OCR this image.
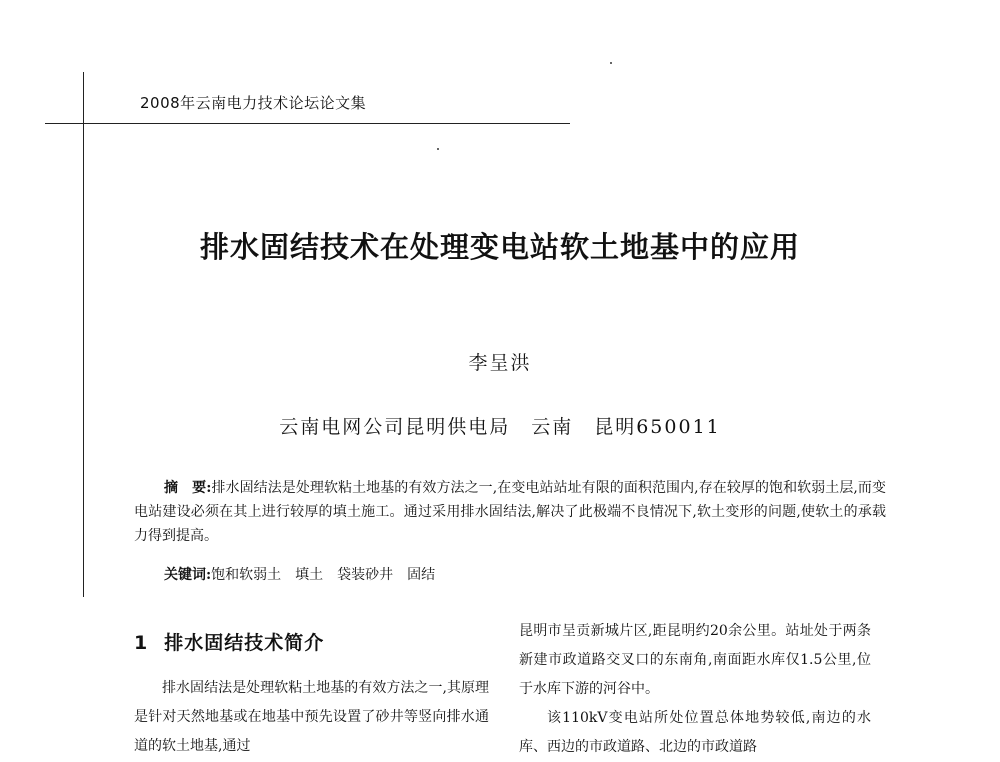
2008年云南电力技术论坛论文集
排水固结技术在处理变电站软土地基中的应用
李呈洪
云南电网公司昆明供电局　云南　昆明650011
摘　要:排水固结法是处理软粘土地基的有效方法之一,在变电站站址有限的面积范围内,存在较厚的饱和软弱土层,而变电站建设必须在其上进行较厚的填土施工。通过采用排水固结法,解决了此极端不良情况下,软土变形的问题,使软土的承载力得到提高。
关键词:饱和软弱土 填土 袋装砂井 固结
1 排水固结技术简介

排水固结法是处理软粘土地基的有效方法之一,其原理是针对天然地基或在地基中预先设置了砂井等竖向排水通道的软土地基,通过

昆明市呈贡新城片区,距昆明约20余公里。站址处于两条新建市政道路交叉口的东南角,南面距水库仅1.5公里,位于水库下游的河谷中。

该110kV变电站所处位置总体地势较低,南边的水库、西边的市政道路、北边的市政道路
